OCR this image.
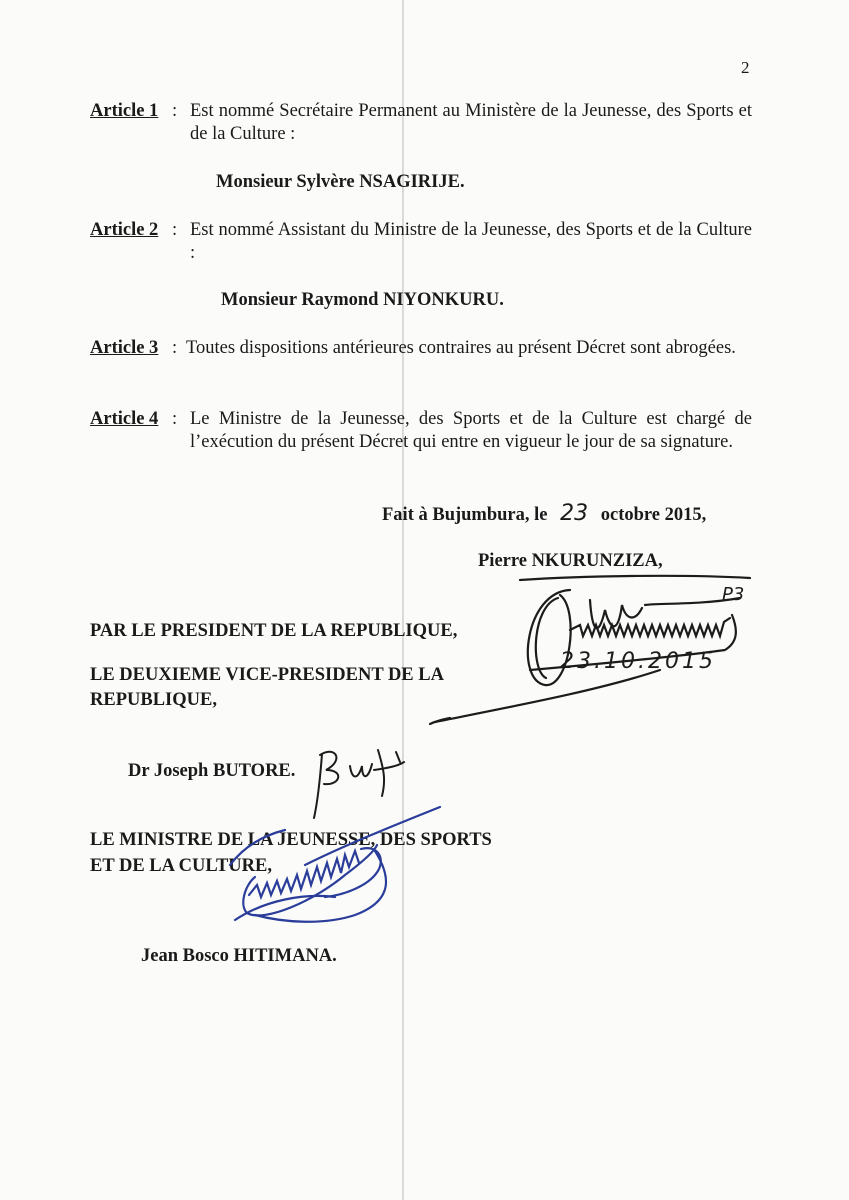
2
Article 1 : Est nommé Secrétaire Permanent au Ministère de la Jeunesse, des Sports et de la Culture :
Monsieur Sylvère NSAGIRIJE.
Article 2 : Est nommé Assistant du Ministre de la Jeunesse, des Sports et de la Culture :
Monsieur Raymond NIYONKURU.
Article 3 : Toutes dispositions antérieures contraires au présent Décret sont abrogées.
Article 4 : Le Ministre de la Jeunesse, des Sports et de la Culture est chargé de l’exécution du présent Décret qui entre en vigueur le jour de sa signature.
Fait à Bujumbura, le 23 octobre 2015,
Pierre NKURUNZIZA,
P3
23.10.2015
PAR LE PRESIDENT DE LA REPUBLIQUE,
LE DEUXIEME VICE-PRESIDENT DE LA
REPUBLIQUE,
Dr Joseph BUTORE.
LE MINISTRE DE LA JEUNESSE, DES SPORTS
ET DE LA CULTURE,
Jean Bosco HITIMANA.
